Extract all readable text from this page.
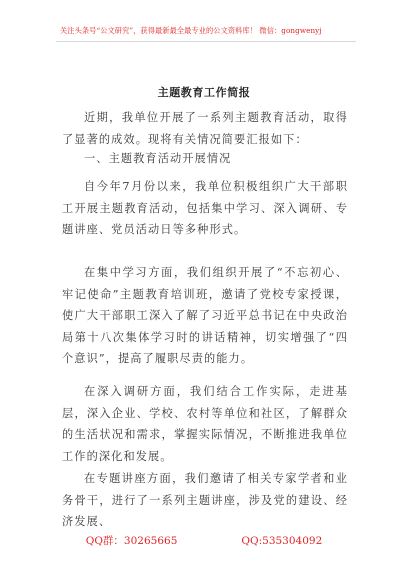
关注头条号“公文研究”，获得最新最全最专业的公文资料库！ 微信：gongwenyj
主题教育工作简报
近期，我单位开展了一系列主题教育活动，取得了显著的成效。现将有关情况简要汇报如下：
一、主题教育活动开展情况
自今年7月份以来，我单位积极组织广大干部职工开展主题教育活动，包括集中学习、深入调研、专题讲座、党员活动日等多种形式。
在集中学习方面，我们组织开展了“不忘初心、牢记使命”主题教育培训班，邀请了党校专家授课，使广大干部职工深入了解了习近平总书记在中央政治局第十八次集体学习时的讲话精神，切实增强了“四个意识”，提高了履职尽责的能力。
在深入调研方面，我们结合工作实际，走进基层，深入企业、学校、农村等单位和社区，了解群众的生活状况和需求，掌握实际情况，不断推进我单位工作的深化和发展。
在专题讲座方面，我们邀请了相关专家学者和业务骨干，进行了一系列主题讲座，涉及党的建设、经济发展、
QQ群：30265665	QQ:535304092
